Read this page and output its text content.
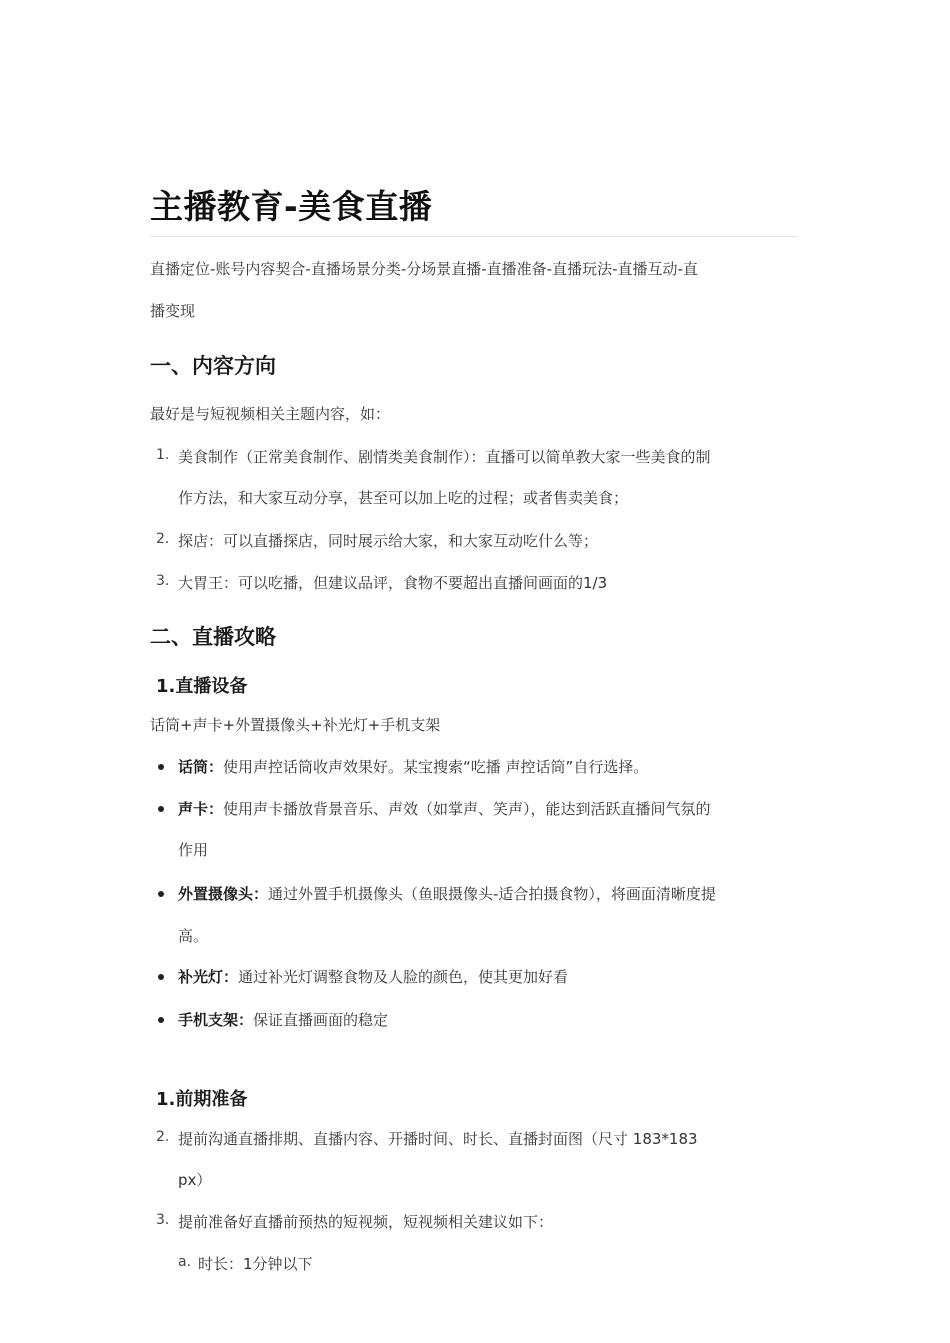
主播教育-美食直播
直播定位-账号内容契合-直播场景分类-分场景直播-直播准备-直播玩法-直播互动-直
播变现
一、内容方向
最好是与短视频相关主题内容，如：
1. 美食制作（正常美食制作、剧情类美食制作）：直播可以简单教大家一些美食的制
作方法，和大家互动分享，甚至可以加上吃的过程；或者售卖美食；
2. 探店：可以直播探店，同时展示给大家，和大家互动吃什么等；
3. 大胃王：可以吃播，但建议品评，食物不要超出直播间画面的1/3
二、直播攻略
1.直播设备
话筒+声卡+外置摄像头+补光灯+手机支架
话筒：使用声控话筒收声效果好。某宝搜索“吃播 声控话筒”自行选择。
声卡：使用声卡播放背景音乐、声效（如掌声、笑声），能达到活跃直播间气氛的
作用
外置摄像头：通过外置手机摄像头（鱼眼摄像头-适合拍摄食物），将画面清晰度提
高。
补光灯：通过补光灯调整食物及人脸的颜色，使其更加好看
手机支架：保证直播画面的稳定
1.前期准备
2. 提前沟通直播排期、直播内容、开播时间、时长、直播封面图（尺寸 183*183
px）
3. 提前准备好直播前预热的短视频，短视频相关建议如下：
a. 时长：1分钟以下
